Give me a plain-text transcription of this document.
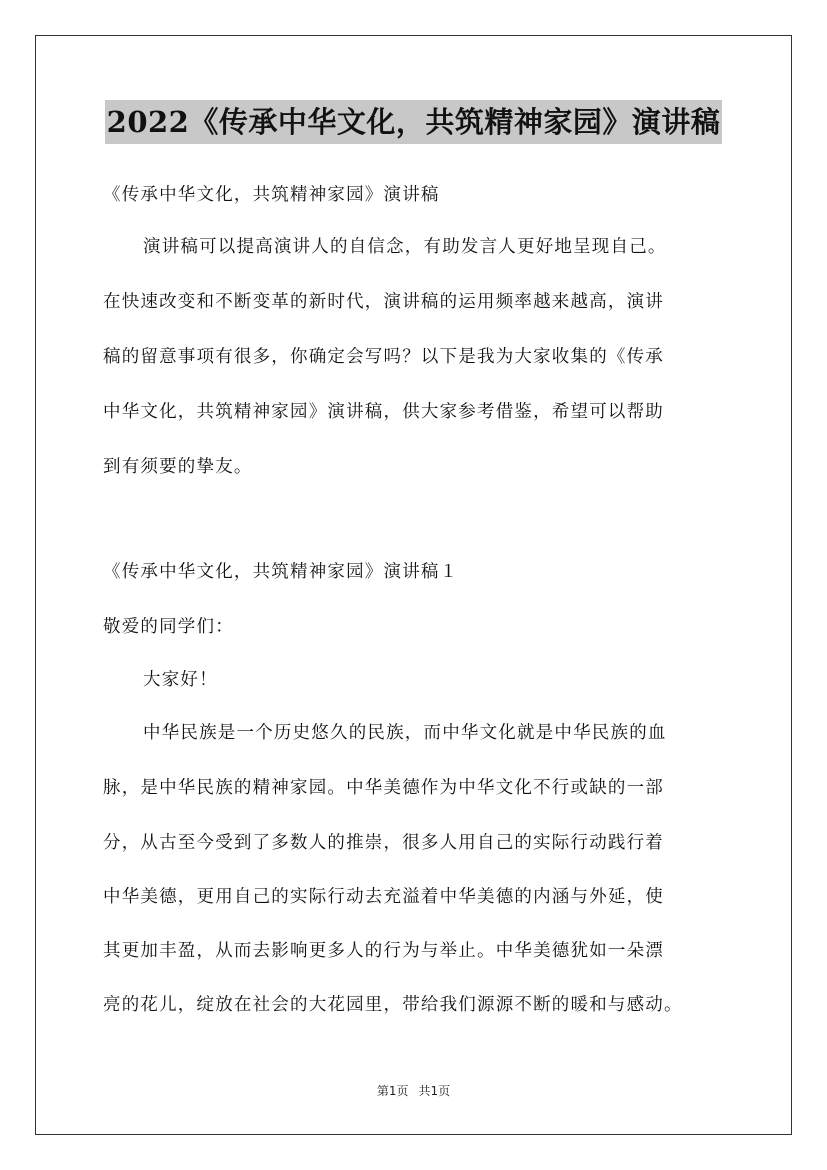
2022《传承中华文化，共筑精神家园》演讲稿
《传承中华文化，共筑精神家园》演讲稿
演讲稿可以提高演讲人的自信念，有助发言人更好地呈现自己。
在快速改变和不断变革的新时代，演讲稿的运用频率越来越高，演讲
稿的留意事项有很多，你确定会写吗？以下是我为大家收集的《传承
中华文化，共筑精神家园》演讲稿，供大家参考借鉴，希望可以帮助
到有须要的挚友。
《传承中华文化，共筑精神家园》演讲稿１
敬爱的同学们：
大家好！
中华民族是一个历史悠久的民族，而中华文化就是中华民族的血
脉，是中华民族的精神家园。中华美德作为中华文化不行或缺的一部
分，从古至今受到了多数人的推崇，很多人用自己的实际行动践行着
中华美德，更用自己的实际行动去充溢着中华美德的内涵与外延，使
其更加丰盈，从而去影响更多人的行为与举止。中华美德犹如一朵漂
亮的花儿，绽放在社会的大花园里，带给我们源源不断的暖和与感动。
第1页 共1页
